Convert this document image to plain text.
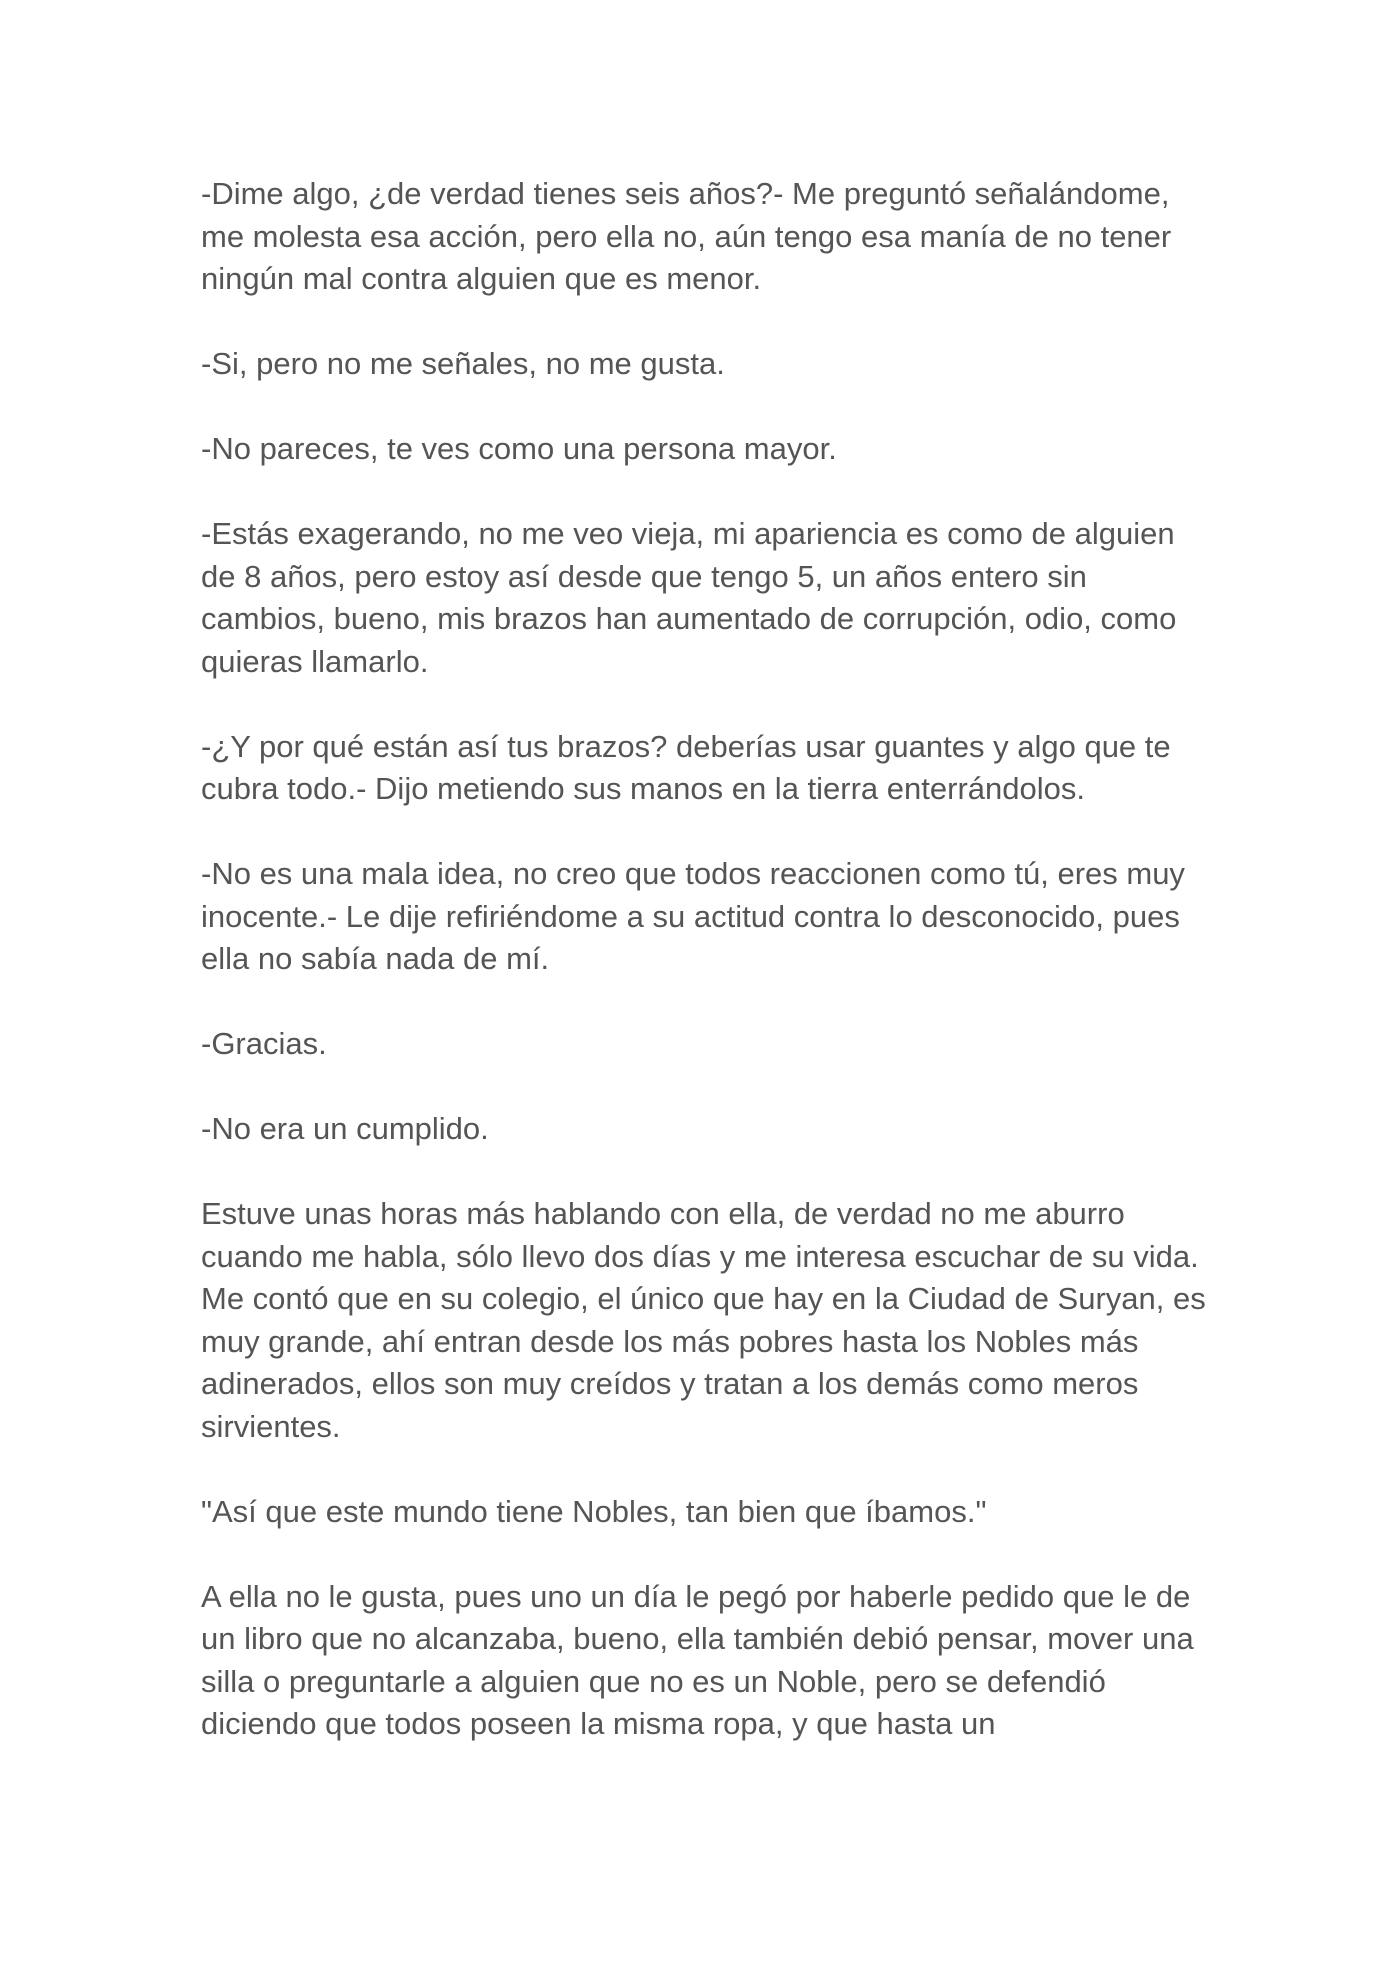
-Dime algo, ¿de verdad tienes seis años?- Me preguntó señalándome, me molesta esa acción, pero ella no, aún tengo esa manía de no tener ningún mal contra alguien que es menor.

-Si, pero no me señales, no me gusta.

-No pareces, te ves como una persona mayor.

-Estás exagerando, no me veo vieja, mi apariencia es como de alguien de 8 años, pero estoy así desde que tengo 5, un años entero sin cambios, bueno, mis brazos han aumentado de corrupción, odio, como quieras llamarlo.

-¿Y por qué están así tus brazos? deberías usar guantes y algo que te cubra todo.- Dijo metiendo sus manos en la tierra enterrándolos.

-No es una mala idea, no creo que todos reaccionen como tú, eres muy inocente.- Le dije refiriéndome a su actitud contra lo desconocido, pues ella no sabía nada de mí.

-Gracias.

-No era un cumplido.

Estuve unas horas más hablando con ella, de verdad no me aburro cuando me habla, sólo llevo dos días y me interesa escuchar de su vida. Me contó que en su colegio, el único que hay en la Ciudad de Suryan, es muy grande, ahí entran desde los más pobres hasta los Nobles más adinerados, ellos son muy creídos y tratan a los demás como meros sirvientes.

"Así que este mundo tiene Nobles, tan bien que íbamos."

A ella no le gusta, pues uno un día le pegó por haberle pedido que le de un libro que no alcanzaba, bueno, ella también debió pensar, mover una silla o preguntarle a alguien que no es un Noble, pero se defendió diciendo que todos poseen la misma ropa, y que hasta un
